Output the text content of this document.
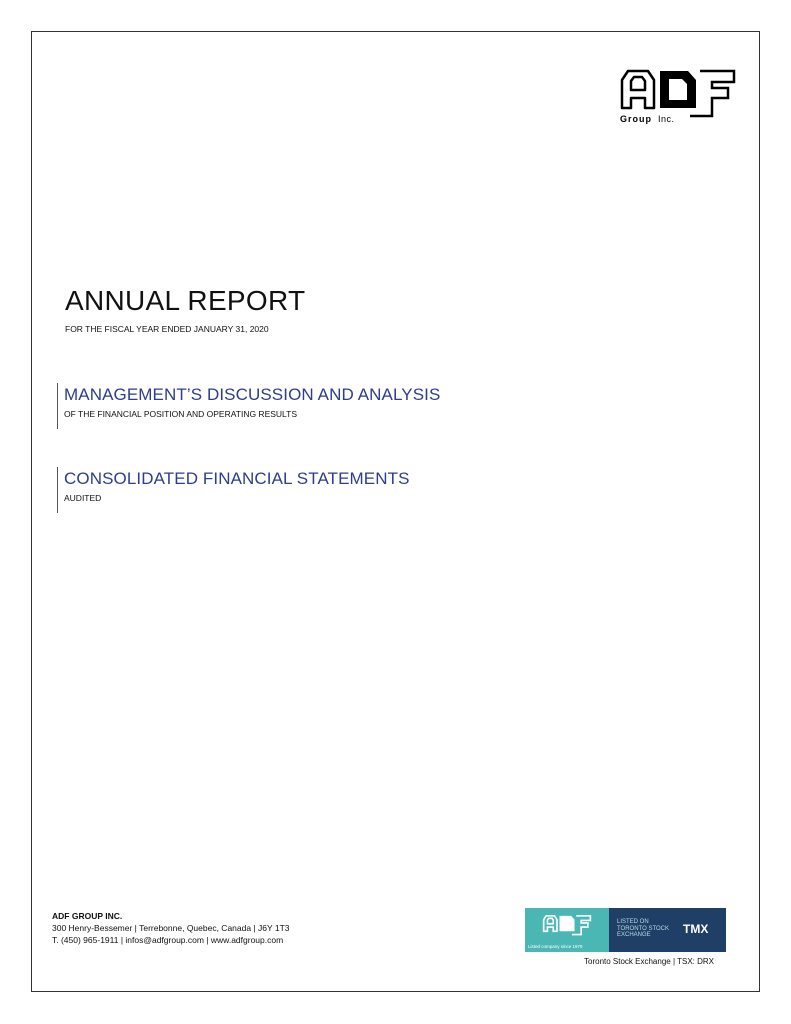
Group Inc.
ANNUAL REPORT
FOR THE FISCAL YEAR ENDED JANUARY 31, 2020
MANAGEMENT’S DISCUSSION AND ANALYSIS
OF THE FINANCIAL POSITION AND OPERATING RESULTS
CONSOLIDATED FINANCIAL STATEMENTS
AUDITED
ADF GROUP INC.
300 Henry-Bessemer | Terrebonne, Quebec, Canada | J6Y 1T3
T. (450) 965-1911 | infos@adfgroup.com | www.adfgroup.com
Listed company since 1979
LISTED ON TORONTO STOCK EXCHANGE	TMX
Toronto Stock Exchange | TSX: DRX
